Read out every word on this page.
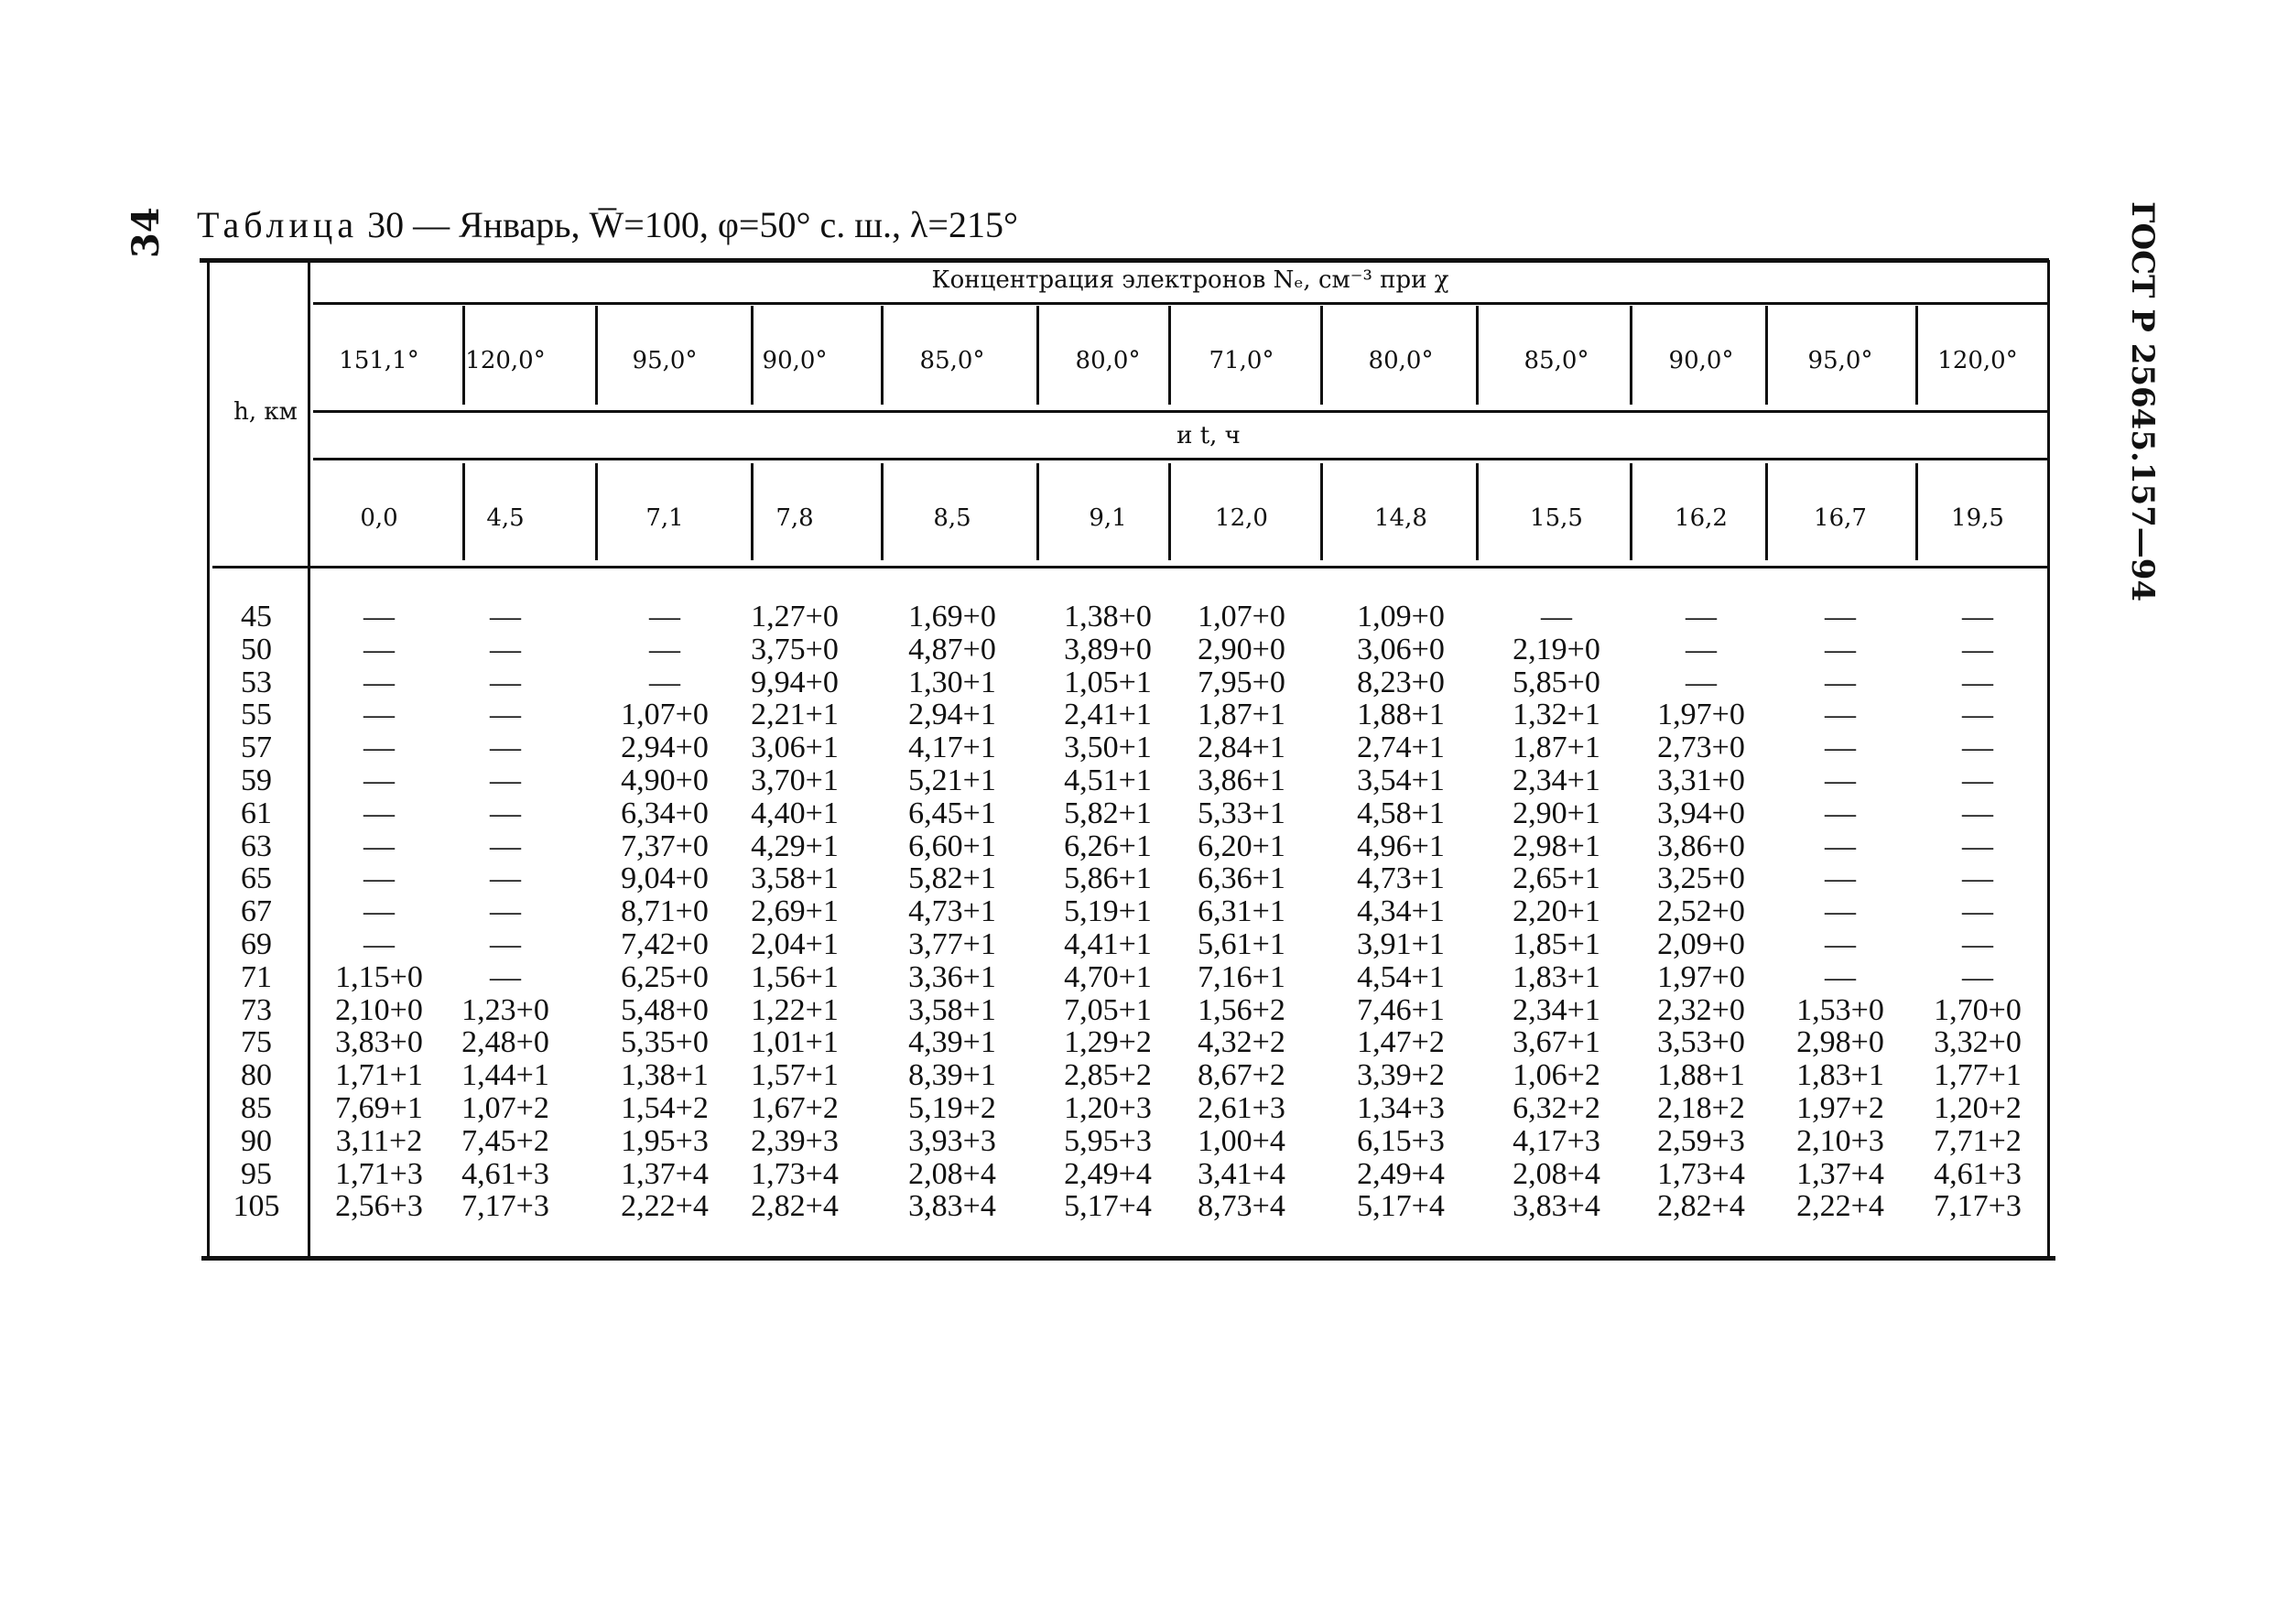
34 Таблица 30 — Январь, W̅=100, φ=50° с. ш., λ=215°	ГОСТ Р 25645.157—94
Концентрация электронов Nₑ, см⁻³ при χ
h, км
и t, ч
151,1°	120,0°	95,0°	90,0°	85,0°	80,0°	71,0°	80,0°	85,0°	90,0°	95,0°	120,0°
0,0	4,5	7,1	7,8	8,5	9,1	12,0	14,8	15,5	16,2	16,7	19,5
45	—	—	—	1,27+0	1,69+0	1,38+0	1,07+0	1,09+0	—	—	—	—
50	—	—	—	3,75+0	4,87+0	3,89+0	2,90+0	3,06+0	2,19+0	—	—	—
53	—	—	—	9,94+0	1,30+1	1,05+1	7,95+0	8,23+0	5,85+0	—	—	—
55	—	—	1,07+0	2,21+1	2,94+1	2,41+1	1,87+1	1,88+1	1,32+1	1,97+0	—	—
57	—	—	2,94+0	3,06+1	4,17+1	3,50+1	2,84+1	2,74+1	1,87+1	2,73+0	—	—
59	—	—	4,90+0	3,70+1	5,21+1	4,51+1	3,86+1	3,54+1	2,34+1	3,31+0	—	—
61	—	—	6,34+0	4,40+1	6,45+1	5,82+1	5,33+1	4,58+1	2,90+1	3,94+0	—	—
63	—	—	7,37+0	4,29+1	6,60+1	6,26+1	6,20+1	4,96+1	2,98+1	3,86+0	—	—
65	—	—	9,04+0	3,58+1	5,82+1	5,86+1	6,36+1	4,73+1	2,65+1	3,25+0	—	—
67	—	—	8,71+0	2,69+1	4,73+1	5,19+1	6,31+1	4,34+1	2,20+1	2,52+0	—	—
69	—	—	7,42+0	2,04+1	3,77+1	4,41+1	5,61+1	3,91+1	1,85+1	2,09+0	—	—
71	1,15+0	—	6,25+0	1,56+1	3,36+1	4,70+1	7,16+1	4,54+1	1,83+1	1,97+0	—	—
73	2,10+0	1,23+0	5,48+0	1,22+1	3,58+1	7,05+1	1,56+2	7,46+1	2,34+1	2,32+0	1,53+0	1,70+0
75	3,83+0	2,48+0	5,35+0	1,01+1	4,39+1	1,29+2	4,32+2	1,47+2	3,67+1	3,53+0	2,98+0	3,32+0
80	1,71+1	1,44+1	1,38+1	1,57+1	8,39+1	2,85+2	8,67+2	3,39+2	1,06+2	1,88+1	1,83+1	1,77+1
85	7,69+1	1,07+2	1,54+2	1,67+2	5,19+2	1,20+3	2,61+3	1,34+3	6,32+2	2,18+2	1,97+2	1,20+2
90	3,11+2	7,45+2	1,95+3	2,39+3	3,93+3	5,95+3	1,00+4	6,15+3	4,17+3	2,59+3	2,10+3	7,71+2
95	1,71+3	4,61+3	1,37+4	1,73+4	2,08+4	2,49+4	3,41+4	2,49+4	2,08+4	1,73+4	1,37+4	4,61+3
105	2,56+3	7,17+3	2,22+4	2,82+4	3,83+4	5,17+4	8,73+4	5,17+4	3,83+4	2,82+4	2,22+4	7,17+3
